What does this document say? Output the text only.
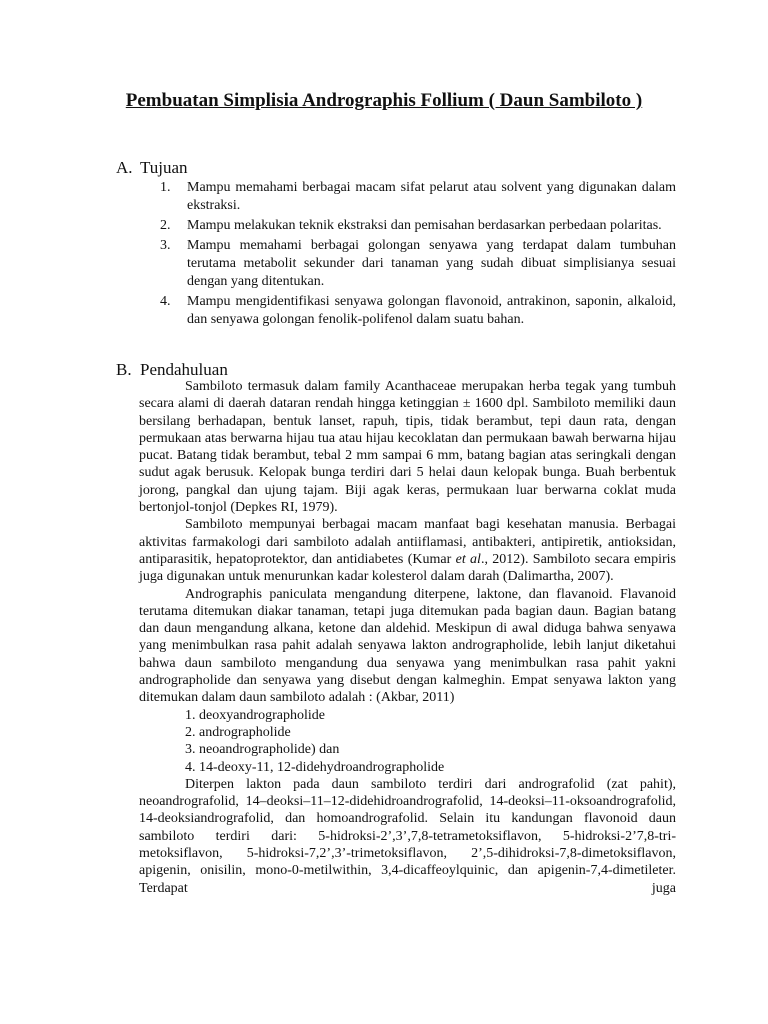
Pembuatan Simplisia Andrographis Follium ( Daun Sambiloto )
A. Tujuan
1.	Mampu memahami berbagai macam sifat pelarut atau solvent yang digunakan dalam ekstraksi.
2.	Mampu melakukan teknik ekstraksi dan pemisahan berdasarkan perbedaan polaritas.
3.	Mampu memahami berbagai golongan senyawa yang terdapat dalam tumbuhan terutama metabolit sekunder dari tanaman yang sudah dibuat simplisianya sesuai dengan yang ditentukan.
4.	Mampu mengidentifikasi senyawa golongan flavonoid, antrakinon, saponin, alkaloid, dan senyawa golongan fenolik-polifenol dalam suatu bahan.
B. Pendahuluan

Sambiloto termasuk dalam family Acanthaceae merupakan herba tegak yang tumbuh secara alami di daerah dataran rendah hingga ketinggian ± 1600 dpl. Sambiloto memiliki daun bersilang berhadapan, bentuk lanset, rapuh, tipis, tidak berambut, tepi daun rata, dengan permukaan atas berwarna hijau tua atau hijau kecoklatan dan permukaan bawah berwarna hijau pucat. Batang tidak berambut, tebal 2 mm sampai 6 mm, batang bagian atas seringkali dengan sudut agak berusuk. Kelopak bunga terdiri dari 5 helai daun kelopak bunga. Buah berbentuk jorong, pangkal dan ujung tajam. Biji agak keras, permukaan luar berwarna coklat muda bertonjol-tonjol (Depkes RI, 1979).

Sambiloto mempunyai berbagai macam manfaat bagi kesehatan manusia. Berbagai aktivitas farmakologi dari sambiloto adalah antiiflamasi, antibakteri, antipiretik, antioksidan, antiparasitik, hepatoprotektor, dan antidiabetes (Kumar et al., 2012). Sambiloto secara empiris juga digunakan untuk menurunkan kadar kolesterol dalam darah (Dalimartha, 2007).

Andrographis paniculata mengandung diterpene, laktone, dan flavanoid. Flavanoid terutama ditemukan diakar tanaman, tetapi juga ditemukan pada bagian daun. Bagian batang dan daun mengandung alkana, ketone dan aldehid. Meskipun di awal diduga bahwa senyawa yang menimbulkan rasa pahit adalah senyawa lakton andrographolide, lebih lanjut diketahui bahwa daun sambiloto mengandung dua senyawa yang menimbulkan rasa pahit yakni andrographolide dan senyawa yang disebut dengan kalmeghin. Empat senyawa lakton yang ditemukan dalam daun sambiloto adalah : (Akbar, 2011)

1. deoxyandrographolide

2. andrographolide

3. neoandrographolide) dan

4. 14-deoxy-11, 12-didehydroandrographolide

Diterpen lakton pada daun sambiloto terdiri dari andrografolid (zat pahit), neoandrografolid, 14–deoksi–11–12-didehidroandrografolid, 14-deoksi–11-oksoandrografolid, 14-deoksiandrografolid, dan homoandrografolid. Selain itu kandungan flavonoid daun sambiloto terdiri dari: 5-hidroksi-2’,3’,7,8-tetrametoksiflavon, 5-hidroksi-2’7,8-tri-metoksiflavon, 5-hidroksi-7,2’,3’-trimetoksiflavon, 2’,5-dihidroksi-7,8-dimetoksiflavon, apigenin, onisilin, mono-0-metilwithin, 3,4-dicaffeoylquinic, dan apigenin-7,4-dimetileter. Terdapat juga
